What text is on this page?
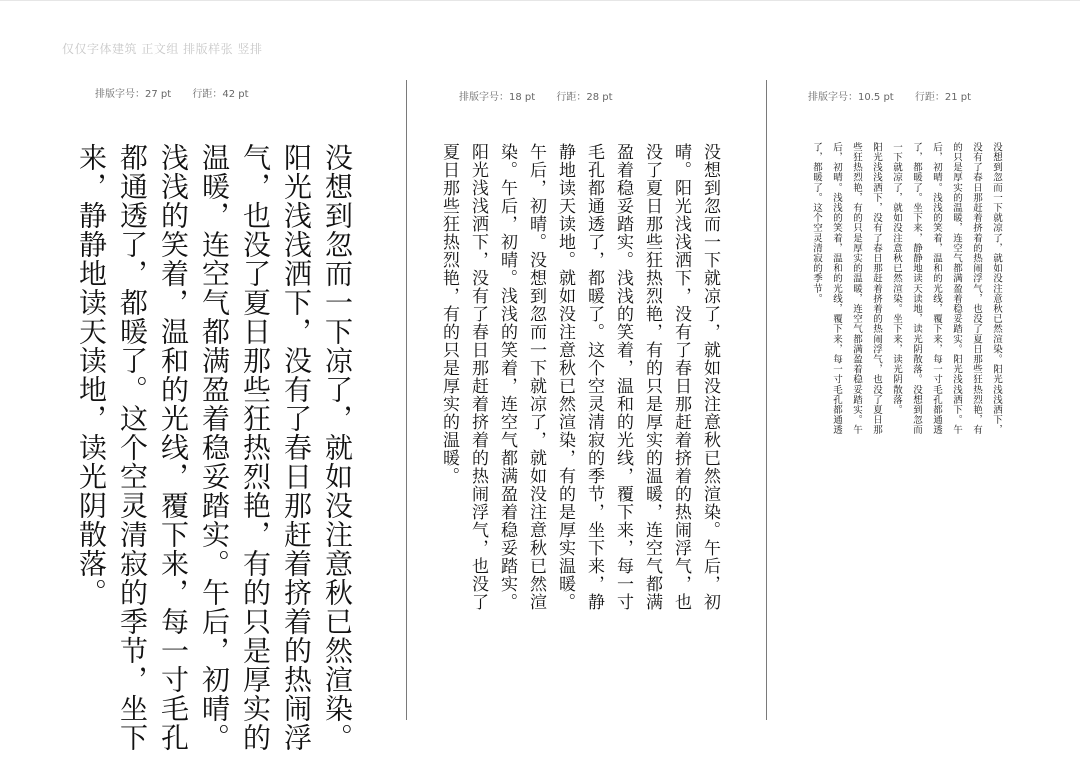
仅仅字体建筑 正文组 排版样张 竖排
排版字号：27 pt 行距：42 pt
没想到忽而一下凉了，就如没注意秋已然渲染。
阳光浅浅洒下，没有了春日那赶着挤着的热闹浮
气，也没了夏日那些狂热烈艳，有的只是厚实的
温暖，连空气都满盈着稳妥踏实。午后，初晴。
浅浅的笑着，温和的光线，覆下来，每一寸毛孔
都通透了，都暖了。这个空灵清寂的季节，坐下
来，静静地读天读地，读光阴散落。
排版字号：18 pt 行距：28 pt
没想到忽而一下就凉了，就如没注意秋已然渲染。午后，初
晴。阳光浅浅洒下，没有了春日那赶着挤着的热闹浮气，也
没了夏日那些狂热烈艳，有的只是厚实的温暖，连空气都满
盈着稳妥踏实。浅浅的笑着，温和的光线，覆下来，每一寸
毛孔都通透了，都暖了。这个空灵清寂的季节，坐下来，静
静地读天读地。就如没注意秋已然渲染，有的是厚实温暖。
午后，初晴。没想到忽而一下就凉了，就如没注意秋已然渲
染。午后，初晴。浅浅的笑着，连空气都满盈着稳妥踏实。
阳光浅浅洒下，没有了春日那赶着挤着的热闹浮气，也没了
夏日那些狂热烈艳，有的只是厚实的温暖。
排版字号：10.5 pt 行距：21 pt
没想到忽而一下就凉了，就如没注意秋已然渲染。阳光浅浅洒下，
没有了春日那赶着挤着的热闹浮气，也没了夏日那些狂热烈艳，有
的只是厚实的温暖，连空气都满盈着稳妥踏实。阳光浅浅洒下。午
后，初晴。浅浅的笑着，温和的光线，覆下来，每一寸毛孔都通透
了，都暖了。坐下来，静静地读天读地，读光阴散落。没想到忽而
一下就凉了，就如没注意秋已然渲染。坐下来，读光阴散落。
阳光浅浅洒下，没有了春日那赶着挤着的热闹浮气，也没了夏日那
些狂热烈艳，有的只是厚实的温暖，连空气都满盈着稳妥踏实。午
后，初晴。浅浅的笑着，温和的光线，覆下来，每一寸毛孔都通透
了，都暖了。这个空灵清寂的季节。
